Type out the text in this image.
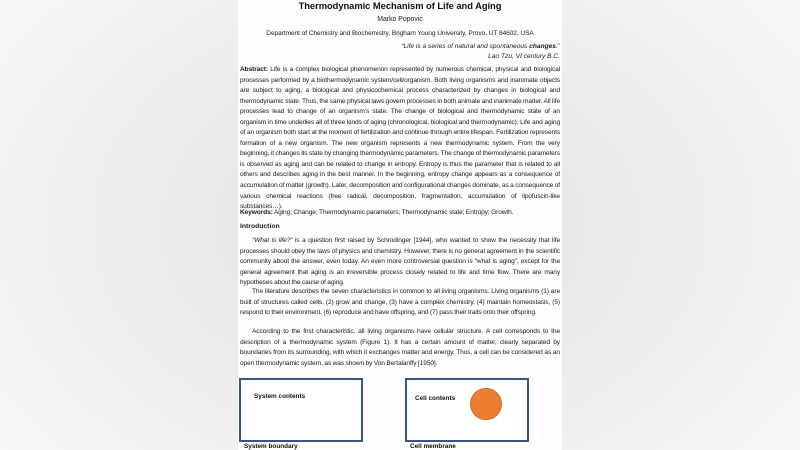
Thermodynamic Mechanism of Life and Aging
Marko Popovic
Department of Chemistry and Biochemistry, Brigham Young University, Provo, UT 84602, USA
“Life is a series of natural and spontaneous changes.”
Lao Tzu, VI century B.C.
Abstract: Life is a complex biological phenomenon represented by numerous chemical, physical and biological processes performed by a biothermodynamic system/cell/organism. Both living organisms and inanimate objects are subject to aging, a biological and physicochemical process characterized by changes in biological and thermodynamic state. Thus, the same physical laws govern processes in both animate and inanimate matter. All life processes lead to change of an organism’s state. The change of biological and thermodynamic state of an organism in time underlies all of three kinds of aging (chronological, biological and thermodynamic). Life and aging of an organism both start at the moment of fertilization and continue through entire lifespan. Fertilization represents formation of a new organism. The new organism represents a new thermodynamic system. From the very beginning, it changes its state by changing thermodynamic parameters. The change of thermodynamic parameters is observed as aging and can be related to change in entropy. Entropy is thus the parameter that is related to all others and describes aging in the best manner. In the beginning, entropy change appears as a consequence of accumulation of matter (growth). Later, decomposition and configurational changes dominate, as a consequence of various chemical reactions (free radical, decomposition, fragmentation, accumulation of lipofuscin-like substances…).
Keywords: Aging; Change; Thermodynamic parameters; Thermodynamic state; Entropy; Growth.
Introduction
“What is life?” is a question first raised by Schrodinger [1944], who wanted to show the necessity that life processes should obey the laws of physics and chemistry. However, there is no general agreement in the scientific community about the answer, even today. An even more controversial question is “what is aging”, except for the general agreement that aging is an irreversible process closely related to life and time flow. There are many hypotheses about the cause of aging.
The literature describes the seven characteristics in common to all living organisms. Living organisms (1) are built of structures called cells, (2) grow and change, (3) have a complex chemistry, (4) maintain homeostasis, (5) respond to their environment, (6) reproduce and have offspring, and (7) pass their traits onto their offspring.
According to the first characteristic, all living organisms have cellular structure. A cell corresponds to the description of a thermodynamic system (Figure 1). It has a certain amount of matter, clearly separated by boundaries from its surrounding, with which it exchanges matter and energy. Thus, a cell can be considered as an open thermodynamic system, as was shown by Von Bertalanffy [1950].
System contents
System boundary
Cell contents
Cell membrane
